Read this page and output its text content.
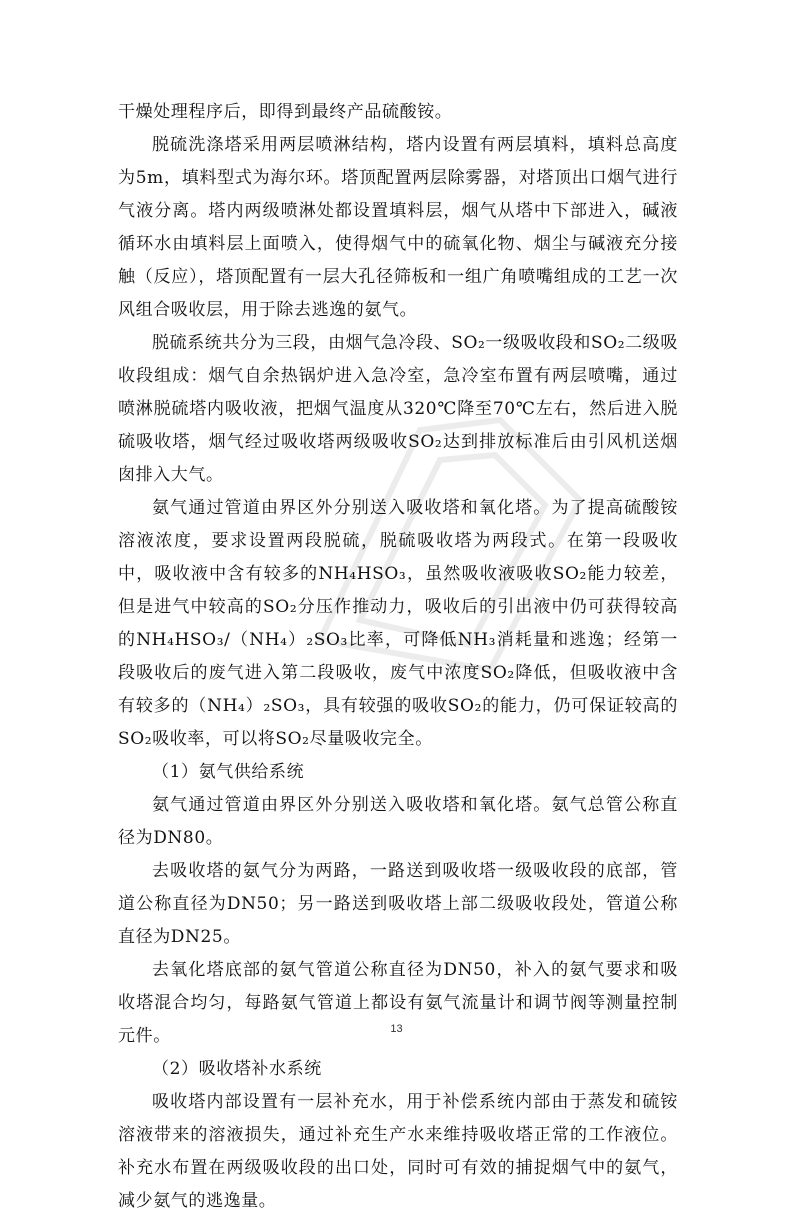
干燥处理程序后，即得到最终产品硫酸铵。

脱硫洗涤塔采用两层喷淋结构，塔内设置有两层填料，填料总高度为5m，填料型式为海尔环。塔顶配置两层除雾器，对塔顶出口烟气进行气液分离。塔内两级喷淋处都设置填料层，烟气从塔中下部进入，碱液循环水由填料层上面喷入，使得烟气中的硫氧化物、烟尘与碱液充分接触（反应），塔顶配置有一层大孔径筛板和一组广角喷嘴组成的工艺一次风组合吸收层，用于除去逃逸的氨气。

脱硫系统共分为三段，由烟气急冷段、SO₂一级吸收段和SO₂二级吸收段组成：烟气自余热锅炉进入急冷室，急冷室布置有两层喷嘴，通过喷淋脱硫塔内吸收液，把烟气温度从320℃降至70℃左右，然后进入脱硫吸收塔，烟气经过吸收塔两级吸收SO₂达到排放标准后由引风机送烟囱排入大气。

氨气通过管道由界区外分别送入吸收塔和氧化塔。为了提高硫酸铵溶液浓度，要求设置两段脱硫，脱硫吸收塔为两段式。在第一段吸收中，吸收液中含有较多的NH₄HSO₃，虽然吸收液吸收SO₂能力较差，但是进气中较高的SO₂分压作推动力，吸收后的引出液中仍可获得较高的NH₄HSO₃/（NH₄）₂SO₃比率，可降低NH₃消耗量和逃逸；经第一段吸收后的废气进入第二段吸收，废气中浓度SO₂降低，但吸收液中含有较多的（NH₄）₂SO₃，具有较强的吸收SO₂的能力，仍可保证较高的SO₂吸收率，可以将SO₂尽量吸收完全。

（1）氨气供给系统

氨气通过管道由界区外分别送入吸收塔和氧化塔。氨气总管公称直径为DN80。

去吸收塔的氨气分为两路，一路送到吸收塔一级吸收段的底部，管道公称直径为DN50；另一路送到吸收塔上部二级吸收段处，管道公称直径为DN25。

去氧化塔底部的氨气管道公称直径为DN50，补入的氨气要求和吸收塔混合均匀，每路氨气管道上都设有氨气流量计和调节阀等测量控制元件。

（2）吸收塔补水系统

吸收塔内部设置有一层补充水，用于补偿系统内部由于蒸发和硫铵溶液带来的溶液损失，通过补充生产水来维持吸收塔正常的工作液位。补充水布置在两级吸收段的出口处，同时可有效的捕捉烟气中的氨气，减少氨气的逃逸量。

13
